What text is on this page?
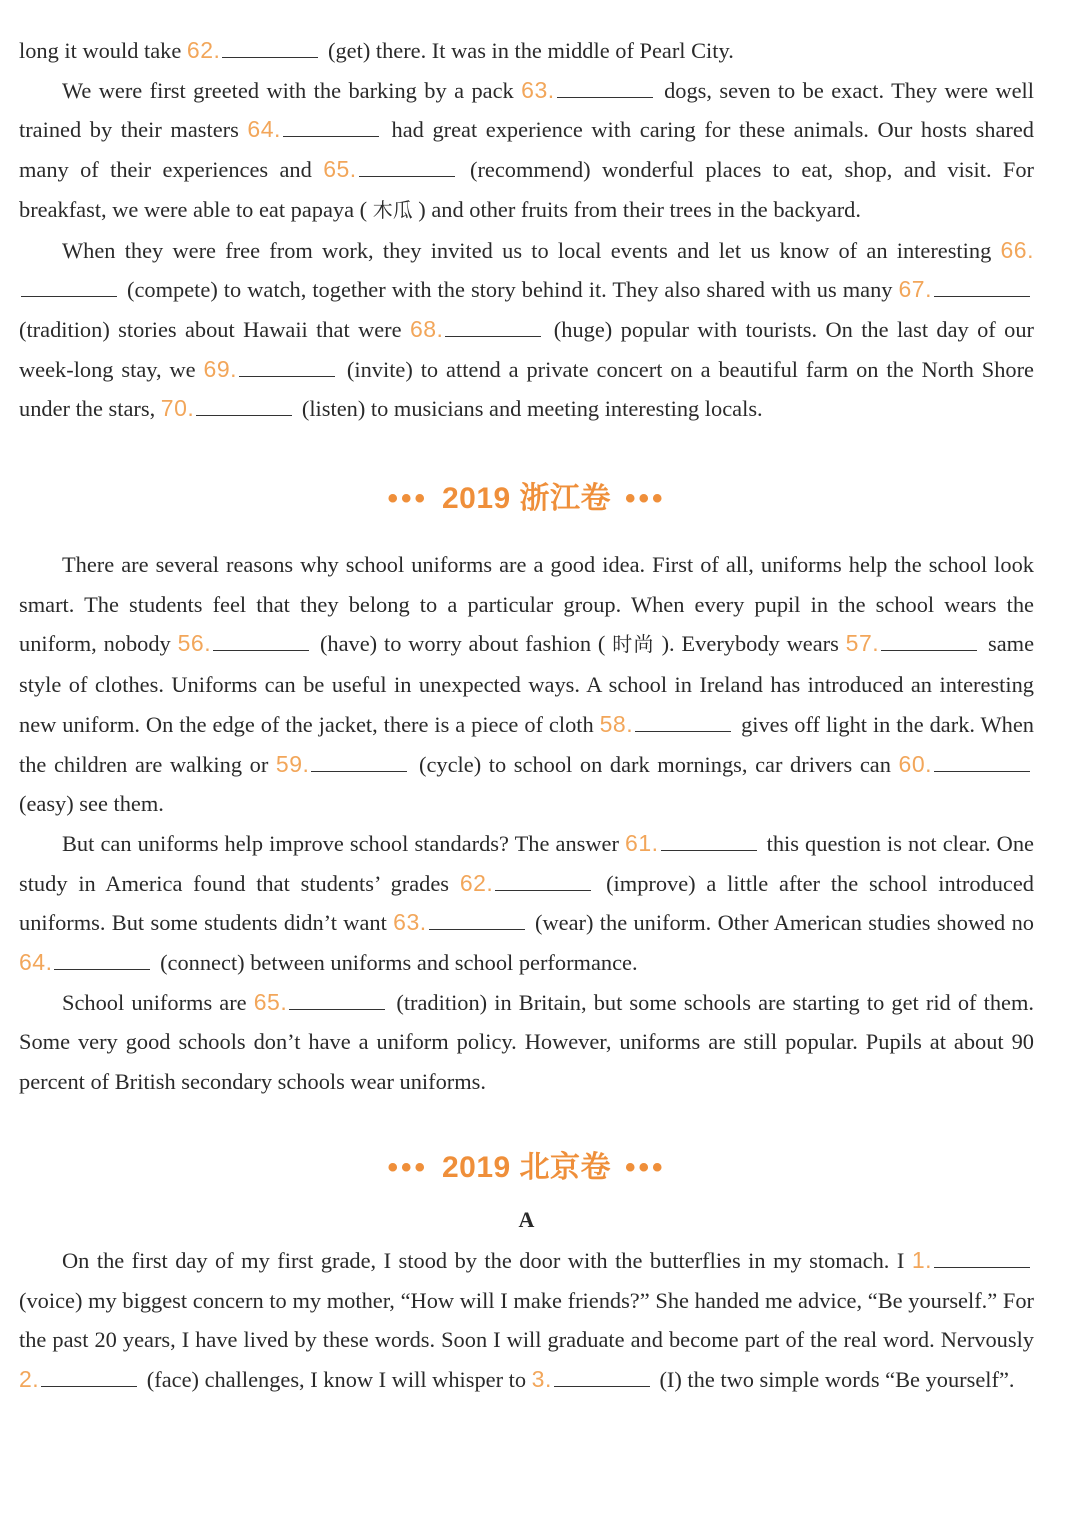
long it would take 62.	(get) there. It was in the middle of Pearl City.

We were first greeted with the barking by a pack 63.	dogs, seven to be exact. They were well trained by their masters 64.	had great experience with caring for these animals. Our hosts shared many of their experiences and 65.	(recommend) wonderful places to eat, shop, and visit. For breakfast, we were able to eat papaya ( 木瓜 ) and other fruits from their trees in the backyard.

When they were free from work, they invited us to local events and let us know of an interesting 66. (compete) to watch, together with the story behind it. They also shared with us many 67. (tradition) stories about Hawaii that were 68.	(huge) popular with tourists. On the last day of our week-long stay, we 69.	(invite) to attend a private concert on a beautiful farm on the North Shore under the stars, 70.	(listen) to musicians and meeting interesting locals.

••• 2019 浙江卷 •••

There are several reasons why school uniforms are a good idea. First of all, uniforms help the school look smart. The students feel that they belong to a particular group. When every pupil in the school wears the uniform, nobody 56.	(have) to worry about fashion ( 时尚 ). Everybody wears 57.	same style of clothes. Uniforms can be useful in unexpected ways. A school in Ireland has introduced an interesting new uniform. On the edge of the jacket, there is a piece of cloth 58.	gives off light in the dark. When the children are walking or 59.	(cycle) to school on dark mornings, car drivers can 60. (easy) see them.

But can uniforms help improve school standards? The answer 61.	this question is not clear. One study in America found that students’ grades 62.	(improve) a little after the school introduced uniforms. But some students didn’t want 63.	(wear) the uniform. Other American studies showed no 64.	(connect) between uniforms and school performance.

School uniforms are 65.	(tradition) in Britain, but some schools are starting to get rid of them. Some very good schools don’t have a uniform policy. However, uniforms are still popular. Pupils at about 90 percent of British secondary schools wear uniforms.

••• 2019 北京卷 •••
A

On the first day of my first grade, I stood by the door with the butterflies in my stomach. I 1. (voice) my biggest concern to my mother, “How will I make friends?” She handed me advice, “Be yourself.” For the past 20 years, I have lived by these words. Soon I will graduate and become part of the real word. Nervously 2.	(face) challenges, I know I will whisper to 3.	(I) the two simple words “Be yourself”.
